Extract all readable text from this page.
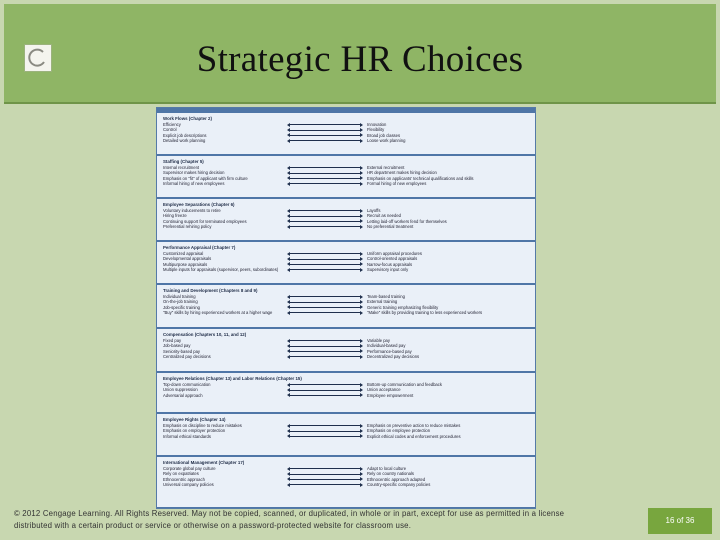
Strategic HR Choices
Work Flows (Chapter 2)
Efficiency	Innovation
Control	Flexibility
Explicit job descriptions	Broad job classes
Detailed work planning	Loose work planning
Staffing (Chapter 5)
Internal recruitment	External recruitment
Supervisor makes hiring decision	HR department makes hiring decision
Emphasis on "fit" of applicant with firm culture	Emphasis on applicants' technical qualifications and skills
Informal hiring of new employees	Formal hiring of new employees
Employee Separations (Chapter 6)
Voluntary inducements to retire	Layoffs
Hiring freeze	Recruit as needed
Continuing support for terminated employees	Letting laid-off workers fend for themselves
Preferential rehiring policy	No preferential treatment
Performance Appraisal (Chapter 7)
Customized appraisal	Uniform appraisal procedures
Developmental appraisals	Control-oriented appraisals
Multipurpose appraisals	Narrow-focus appraisals
Multiple inputs for appraisals (supervisor, peers, subordinates)	Supervisory input only
Training and Development (Chapters 8 and 9)
Individual training	Team-based training
On-the-job training	External training
Job-specific training	Generic training emphasizing flexibility
"Buy" skills by hiring experienced workers at a higher wage	"Make" skills by providing training to less experienced workers
Compensation (Chapters 10, 11, and 12)
Fixed pay	Variable pay
Job-based pay	Individual-based pay
Seniority-based pay	Performance-based pay
Centralized pay decisions	Decentralized pay decisions
Employee Relations (Chapter 13) and Labor Relations (Chapter 15)
Top-down communication	Bottom-up communication and feedback
Union suppression	Union acceptance
Adversarial approach	Employee empowerment
Employee Rights (Chapter 14)
Emphasis on discipline to reduce mistakes	Emphasis on preventive action to reduce mistakes
Emphasis on employer protection	Emphasis on employee protection
Informal ethical standards	Explicit ethical codes and enforcement procedures
International Management (Chapter 17)
Corporate global pay culture	Adapt to local culture
Rely on expatriates	Rely on country nationals
Ethnocentric approach	Ethnocentric approach adapted
Universal company policies	Country-specific company policies
© 2012 Cengage Learning. All Rights Reserved. May not be copied, scanned, or duplicated, in whole or in part, except for use as permitted in a license distributed with a certain product or service or otherwise on a password-protected website for classroom use.	16 of 36
